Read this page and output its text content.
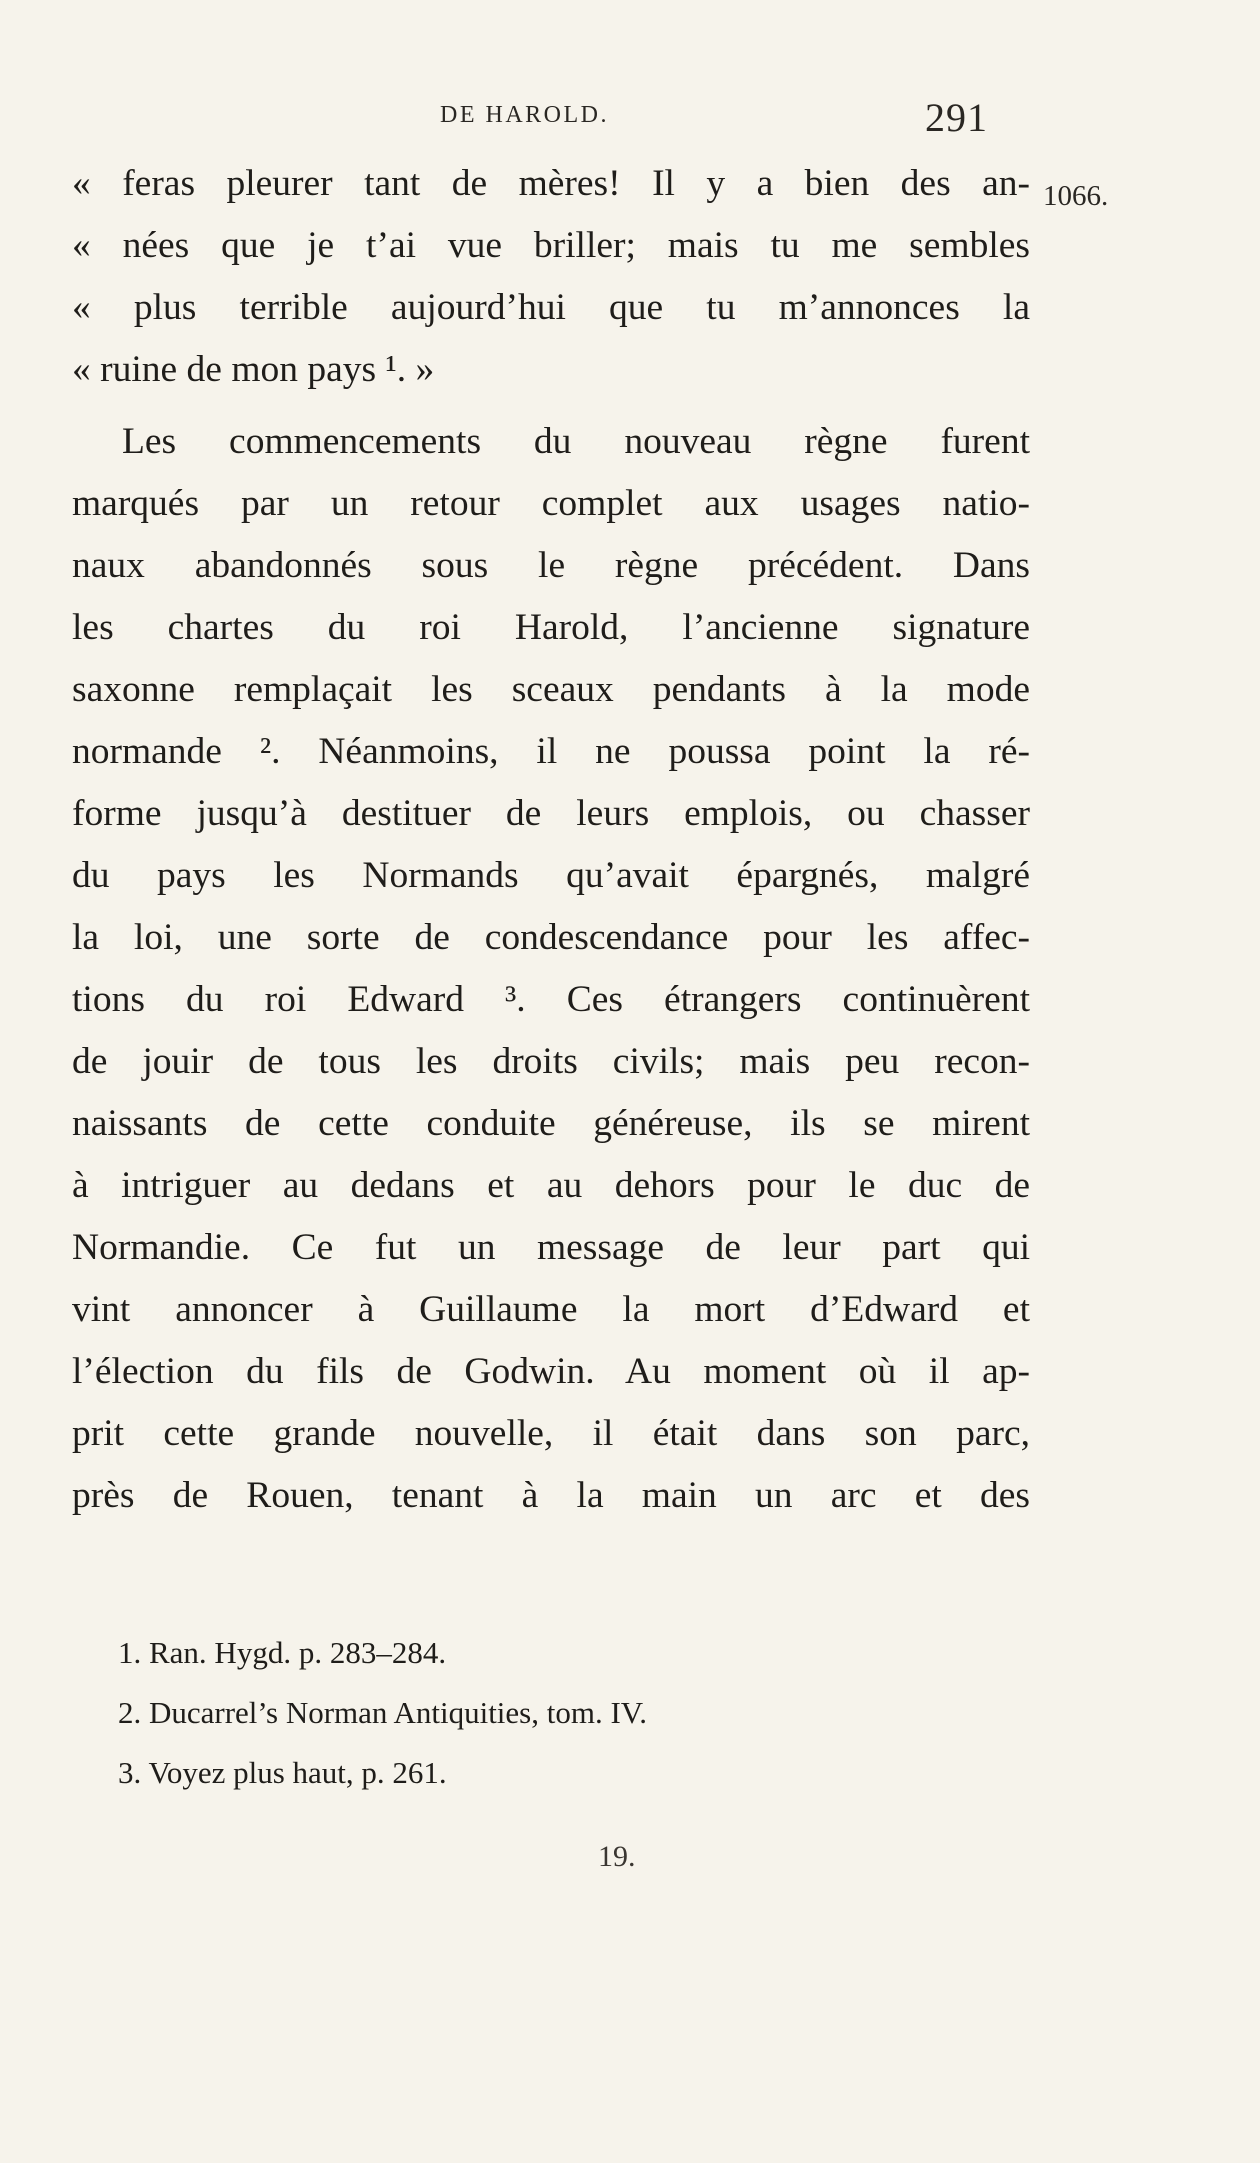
DE HAROLD.	291
1066.
« feras pleurer tant de mères! Il y a bien des an-
« nées que je t’ai vue briller; mais tu me sembles
« plus terrible aujourd’hui que tu m’annonces la
« ruine de mon pays ¹. »
Les commencements du nouveau règne furent
marqués par un retour complet aux usages natio-
naux abandonnés sous le règne précédent. Dans
les chartes du roi Harold, l’ancienne signature
saxonne remplaçait les sceaux pendants à la mode
normande ². Néanmoins, il ne poussa point la ré-
forme jusqu’à destituer de leurs emplois, ou chasser
du pays les Normands qu’avait épargnés, malgré
la loi, une sorte de condescendance pour les affec-
tions du roi Edward ³. Ces étrangers continuèrent
de jouir de tous les droits civils; mais peu recon-
naissants de cette conduite généreuse, ils se mirent
à intriguer au dedans et au dehors pour le duc de
Normandie. Ce fut un message de leur part qui
vint annoncer à Guillaume la mort d’Edward et
l’élection du fils de Godwin. Au moment où il ap-
prit cette grande nouvelle, il était dans son parc,
près de Rouen, tenant à la main un arc et des
1. Ran. Hygd. p. 283–284.
2. Ducarrel’s Norman Antiquities, tom. IV.
3. Voyez plus haut, p. 261.
19.
